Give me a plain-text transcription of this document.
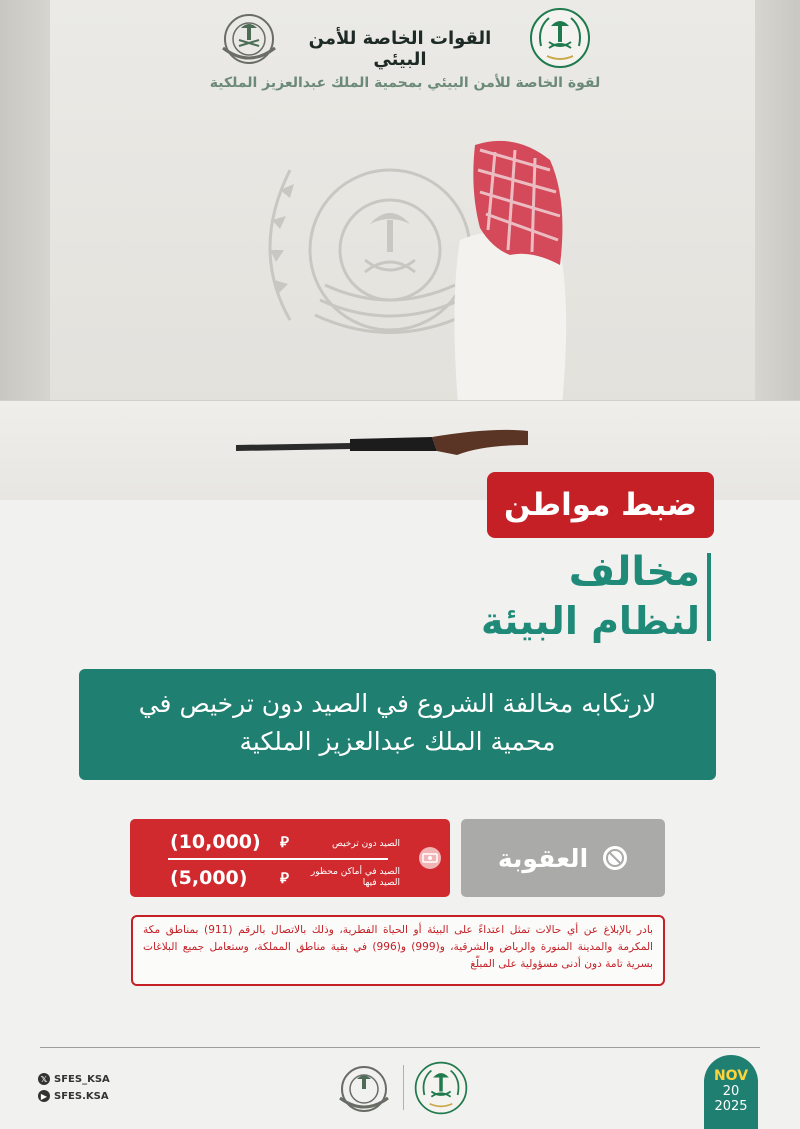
القوات الخاصة للأمن البيئي
لقوة الخاصة للأمن البيئي بمحمية الملك عبدالعزيز الملكية
ضبط مواطن
مخالف
لنظام البيئة
لارتكابه مخالفة الشروع في الصيد دون ترخيص في محمية الملك عبدالعزيز الملكية
(10,000)	⃁	الصيد دون ترخيص
(5,000)	⃁	الصيد في أماكن محظور الصيد فيها
العقوبة
بادر بالإبلاغ عن أي حالات تمثل اعتداءً على البيئة أو الحياة الفطرية، وذلك بالاتصال بالرقم (911) بمناطق مكة المكرمة والمدينة المنورة والرياض والشرقية، و(999) و(996) في بقية مناطق المملكة، وستعامل جميع البلاغات بسرية تامة دون أدنى مسؤولية على المبلّغ
𝕏 SFES_KSA
▶ SFES.KSA
NOV
20
2025
